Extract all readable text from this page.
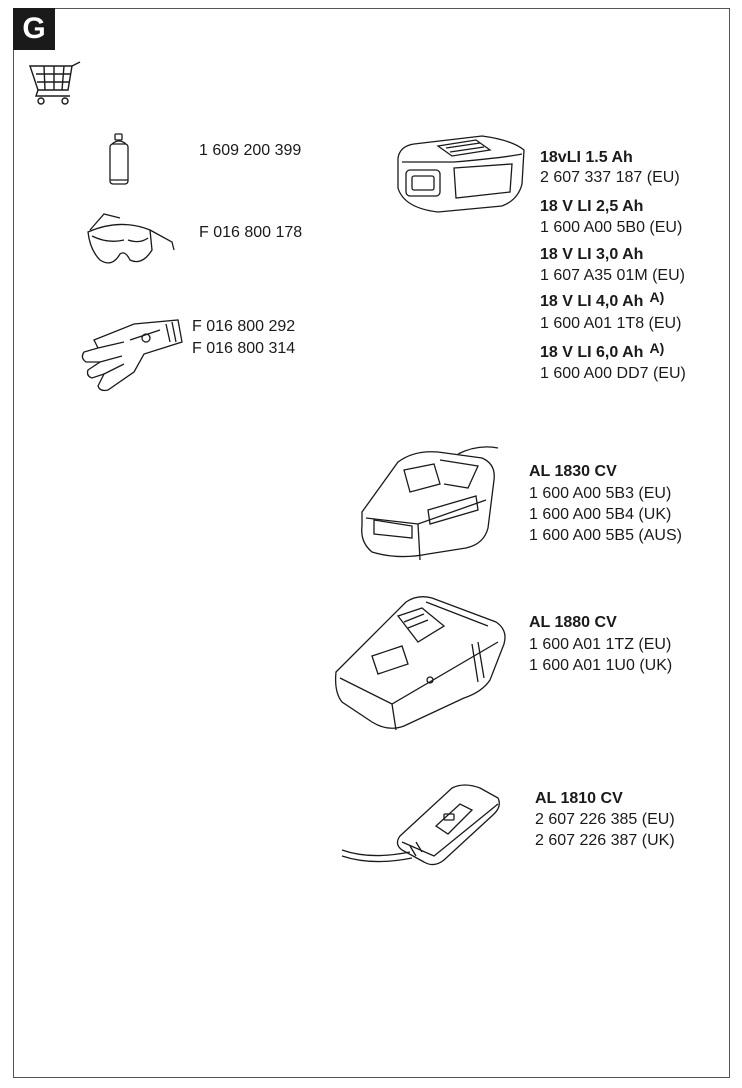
G
1 609 200 399
F 016 800 178
F 016 800 292
F 016 800 314
18vLI 1.5 Ah
2 607 337 187 (EU)
18 V LI 2,5 Ah
1 600 A00 5B0 (EU)
18 V LI 3,0 Ah
1 607 A35 01M (EU)
18 V LI 4,0 Ah A)
1 600 A01 1T8 (EU)
18 V LI 6,0 Ah A)
1 600 A00 DD7 (EU)
AL 1830 CV
1 600 A00 5B3 (EU)
1 600 A00 5B4 (UK)
1 600 A00 5B5 (AUS)
AL 1880 CV
1 600 A01 1TZ (EU)
1 600 A01 1U0 (UK)
AL 1810 CV
2 607 226 385 (EU)
2 607 226 387 (UK)
